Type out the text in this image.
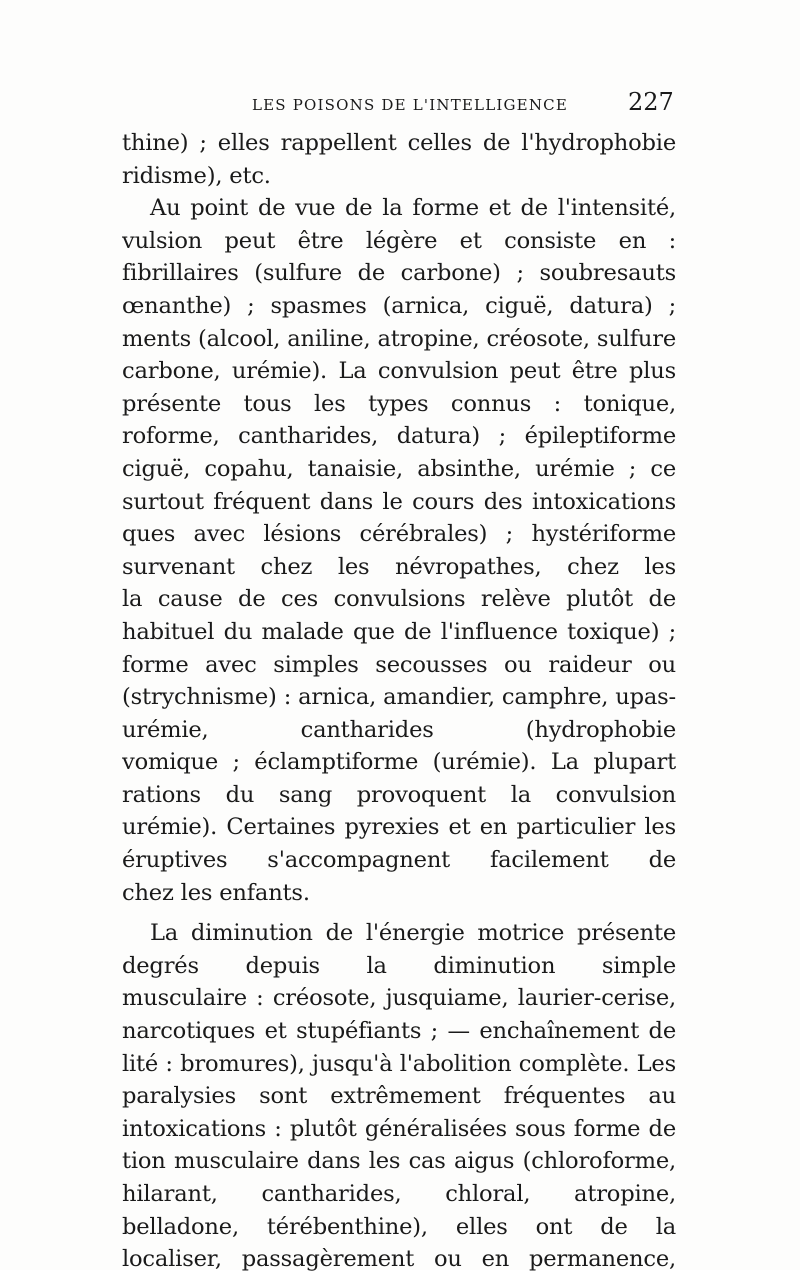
LES POISONS DE L'INTELLIGENCE	227
thine) ; elles rappellent celles de l'hydrophobie
ridisme), etc.
Au point de vue de la forme et de l'intensité,
vulsion peut être légère et consiste en :
fibrillaires (sulfure de carbone) ; soubresauts
œnanthe) ; spasmes (arnica, ciguë, datura) ;
ments (alcool, aniline, atropine, créosote, sulfure
carbone, urémie). La convulsion peut être plus
présente tous les types connus : tonique,
roforme, cantharides, datura) ; épileptiforme
ciguë, copahu, tanaisie, absinthe, urémie ; ce
surtout fréquent dans le cours des intoxications
ques avec lésions cérébrales) ; hystériforme
survenant chez les névropathes, chez les
la cause de ces convulsions relève plutôt de
habituel du malade que de l'influence toxique) ;
forme avec simples secousses ou raideur ou
(strychnisme) : arnica, amandier, camphre, upas-
urémie, cantharides (hydrophobie
vomique ; éclamptiforme (urémie). La plupart
rations du sang provoquent la convulsion
urémie). Certaines pyrexies et en particulier les
éruptives s'accompagnent facilement de
chez les enfants.
La diminution de l'énergie motrice présente
degrés depuis la diminution simple
musculaire : créosote, jusquiame, laurier-cerise,
narcotiques et stupéfiants ; — enchaînement de
lité : bromures), jusqu'à l'abolition complète. Les
paralysies sont extrêmement fréquentes au
intoxications : plutôt généralisées sous forme de
tion musculaire dans les cas aigus (chloroforme,
hilarant, cantharides, chloral, atropine,
belladone, térébenthine), elles ont de la
localiser, passagèrement ou en permanence,
